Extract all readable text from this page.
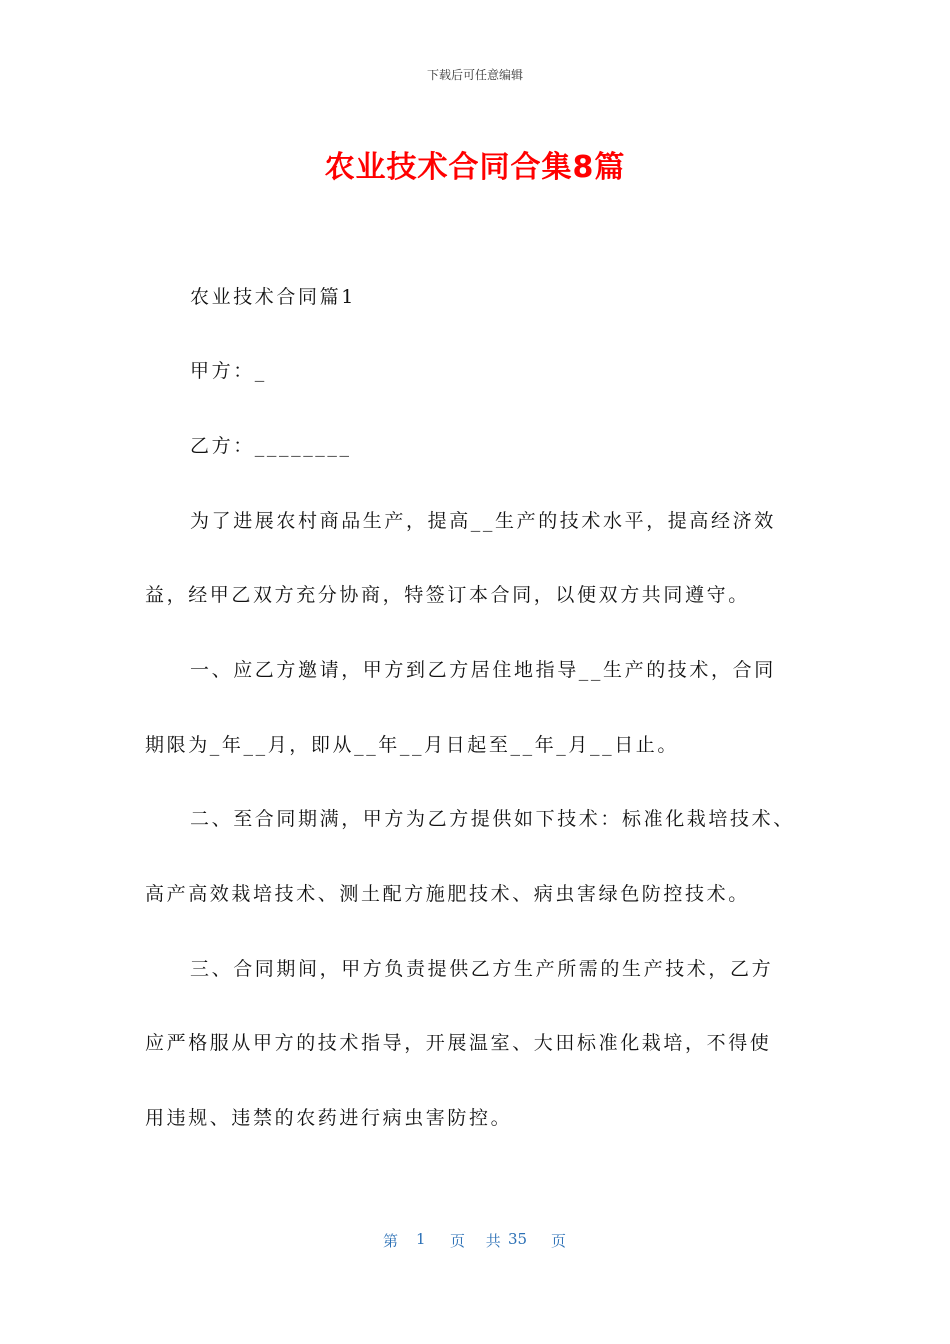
下载后可任意编辑
农业技术合同合集8篇
农业技术合同篇1
甲方：_
乙方：________
为了进展农村商品生产，提高__生产的技术水平，提高经济效
益，经甲乙双方充分协商，特签订本合同，以便双方共同遵守。
一、应乙方邀请，甲方到乙方居住地指导__生产的技术，合同
期限为_年__月，即从__年__月日起至__年_月__日止。
二、至合同期满，甲方为乙方提供如下技术：标准化栽培技术、
高产高效栽培技术、测土配方施肥技术、病虫害绿色防控技术。
三、合同期间，甲方负责提供乙方生产所需的生产技术，乙方
应严格服从甲方的技术指导，开展温室、大田标准化栽培，不得使
用违规、违禁的农药进行病虫害防控。
第 1 页 共 35 页
